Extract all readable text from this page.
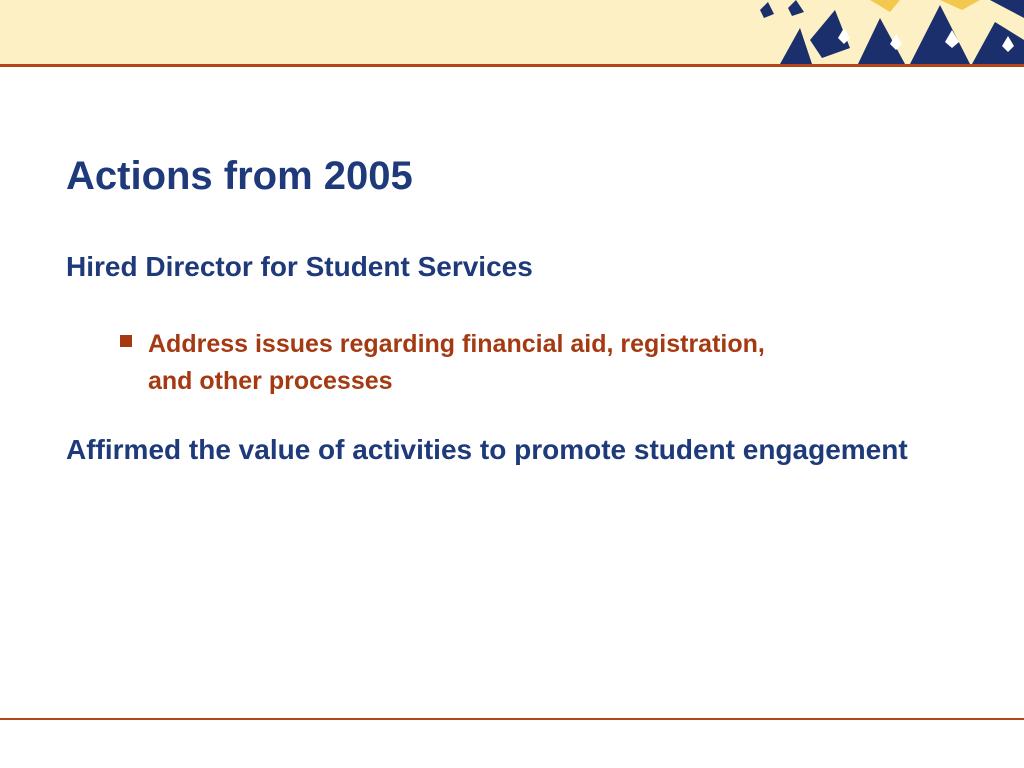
Actions from 2005

Hired Director for Student Services

Address issues regarding financial aid, registration, and other processes

Affirmed the value of activities to promote student engagement
